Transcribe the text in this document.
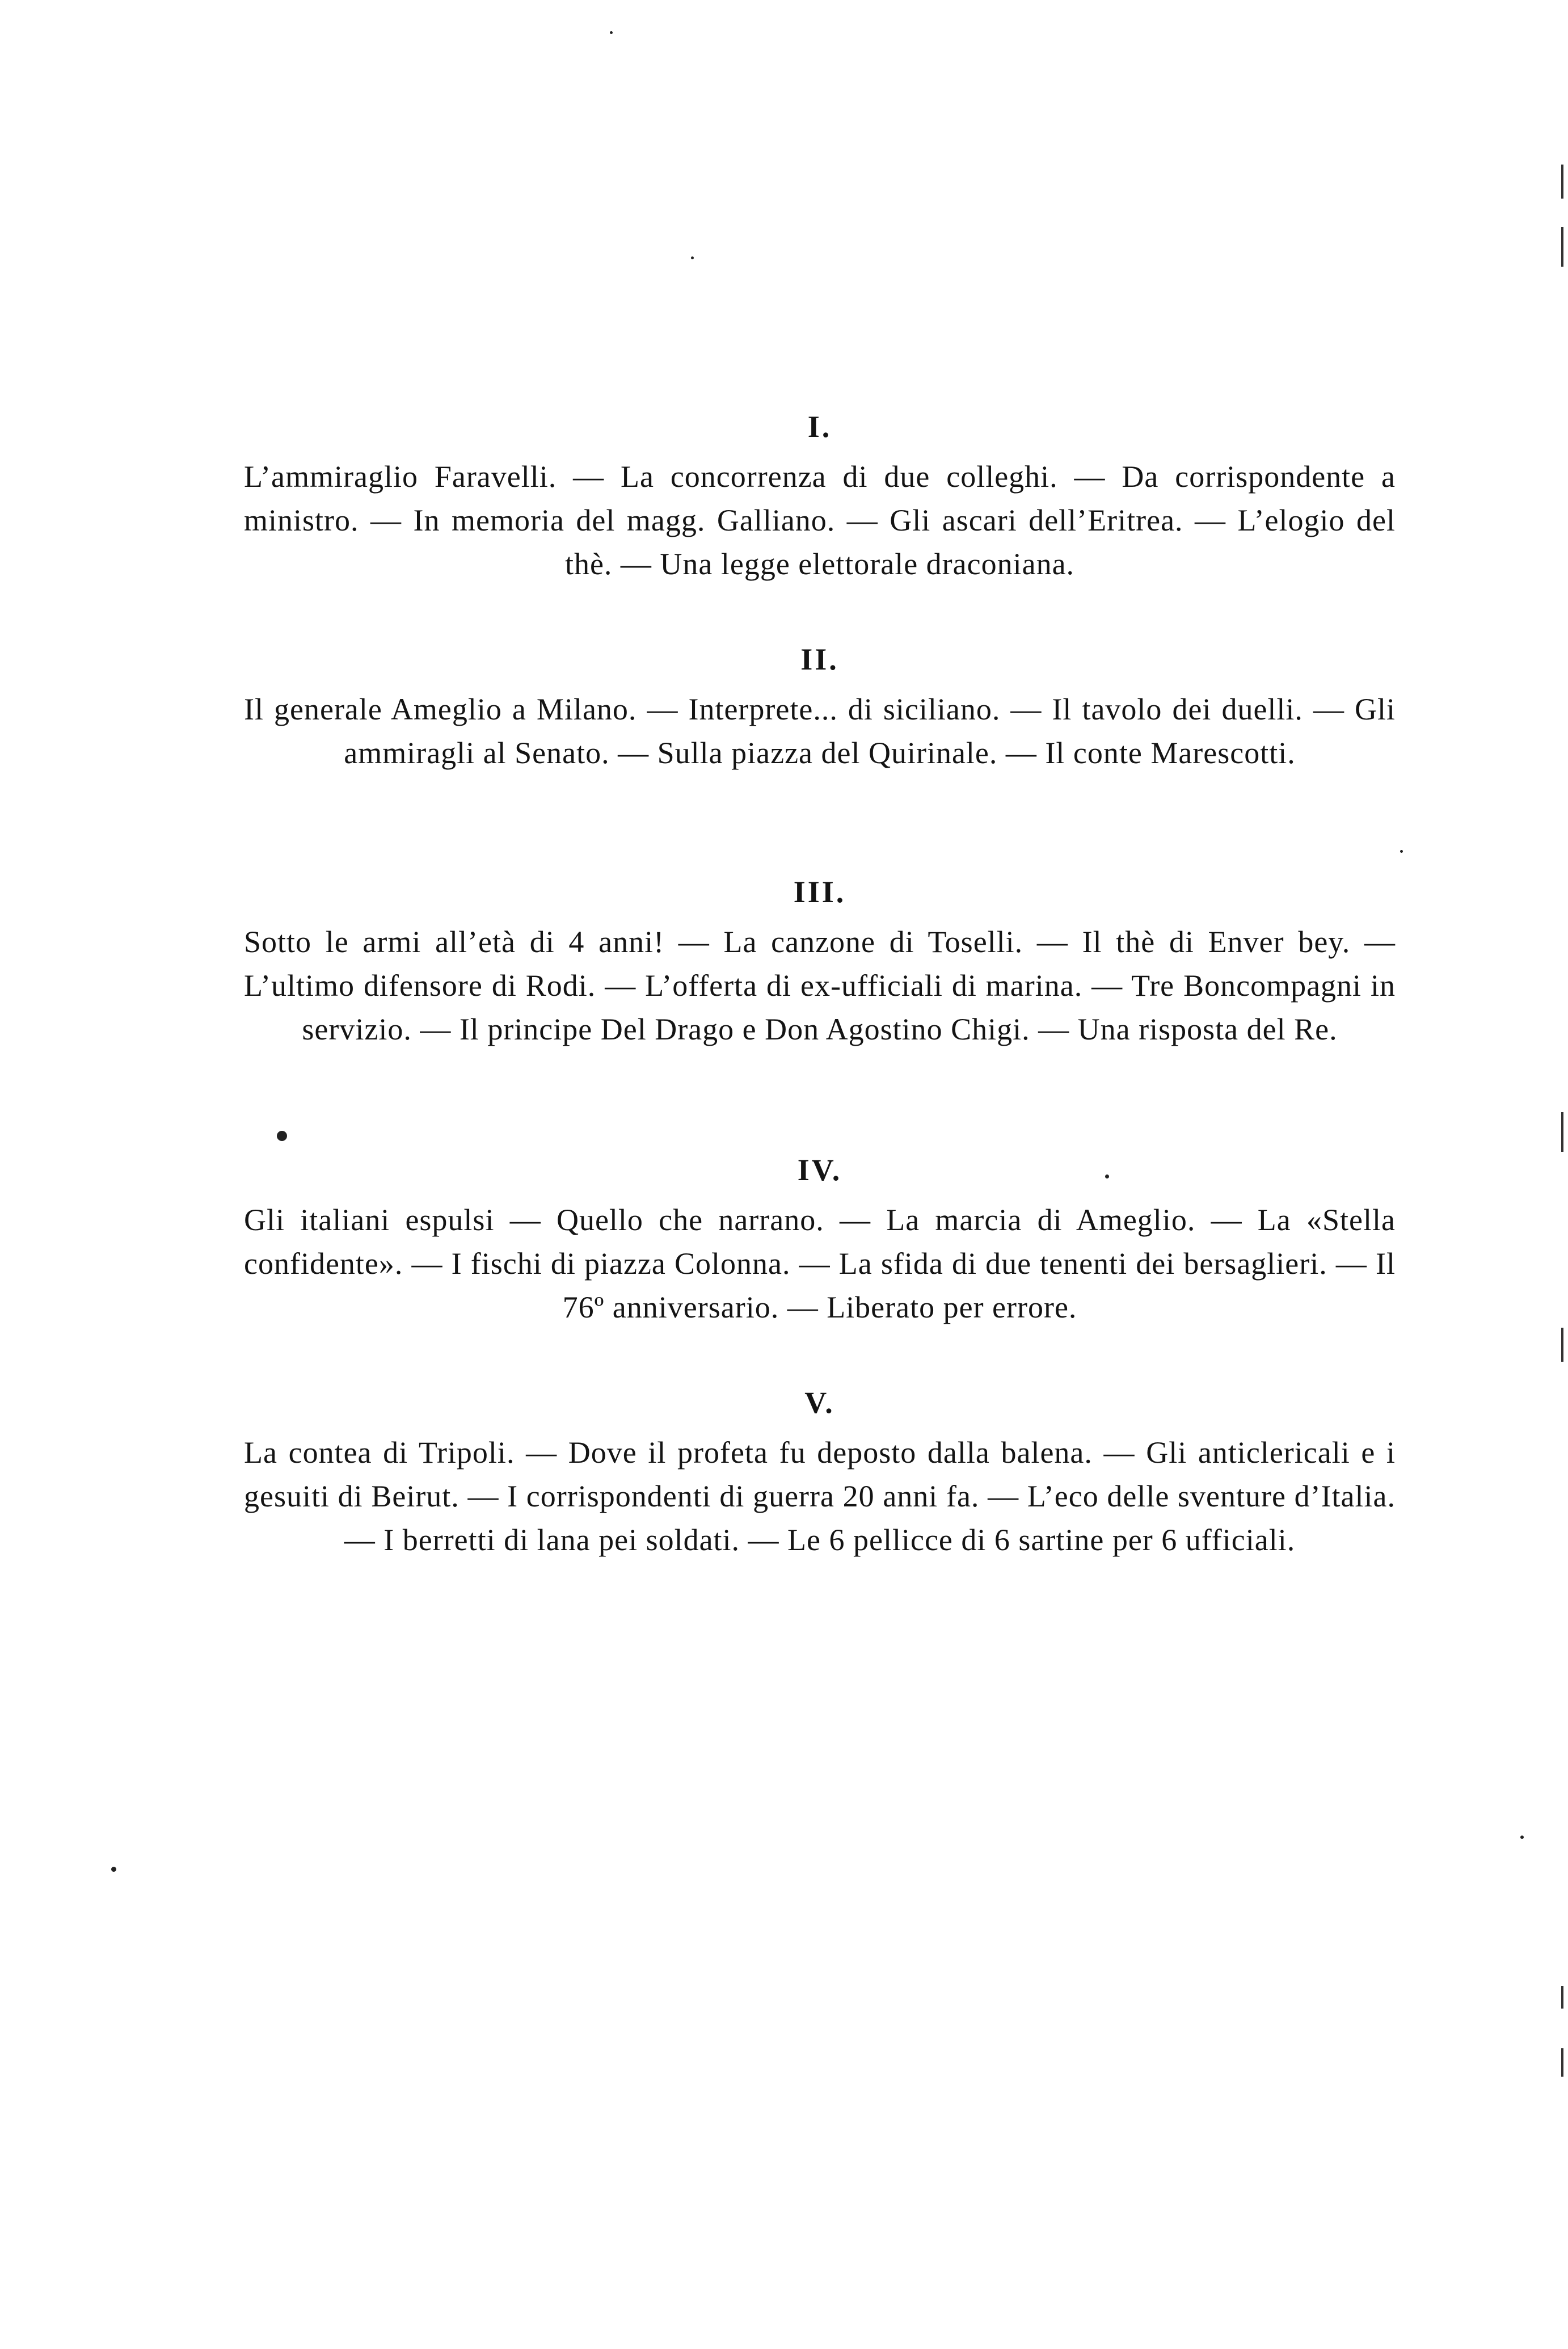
I.

L’ammiraglio Faravelli. — La concorrenza di due colleghi. — Da corrispondente a ministro. — In memoria del magg. Galliano. — Gli ascari dell’Eritrea. — L’elogio del thè. — Una legge elettorale draconiana.

II.

Il generale Ameglio a Milano. — Interprete... di siciliano. — Il tavolo dei duelli. — Gli ammiragli al Senato. — Sulla piazza del Quirinale. — Il conte Marescotti.

III.

Sotto le armi all’età di 4 anni! — La canzone di Toselli. — Il thè di Enver bey. — L’ultimo difensore di Rodi. — L’offerta di ex-ufficiali di marina. — Tre Boncompagni in servizio. — Il principe Del Drago e Don Agostino Chigi. — Una risposta del Re.

IV.

Gli italiani espulsi — Quello che narrano. — La marcia di Ameglio. — La «Stella confidente». — I fischi di piazza Colonna. — La sfida di due tenenti dei bersaglieri. — Il 76º anniversario. — Liberato per errore.

V.

La contea di Tripoli. — Dove il profeta fu deposto dalla balena. — Gli anticlericali e i gesuiti di Beirut. — I corrispondenti di guerra 20 anni fa. — L’eco delle sventure d’Italia. — I berretti di lana pei soldati. — Le 6 pellicce di 6 sartine per 6 ufficiali.
